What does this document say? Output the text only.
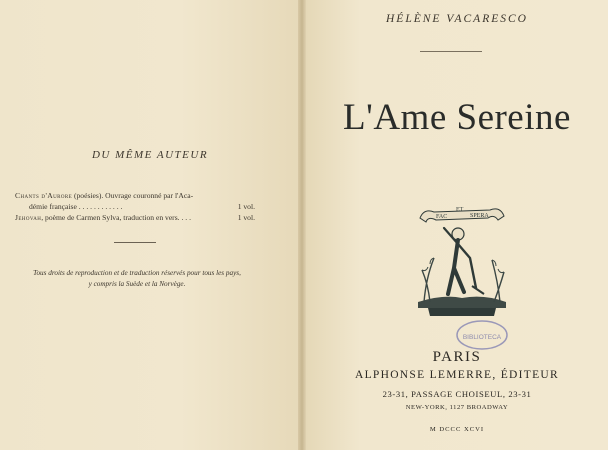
DU MÊME AUTEUR
Chants d'Aurore (poésies). Ouvrage couronné par l'Aca-
démie française . . . . . . . . . . . .	1 vol.
Jehovah, poème de Carmen Sylva, traduction en vers. . . .	1 vol.
Tous droits de reproduction et de traduction réservés pour tous les pays,
y compris la Suède et la Norvège.
HÉLÈNE VACARESCO
L'Ame Sereine
FAC
ET
SPERA
BIBLIOTECA
PARIS
ALPHONSE LEMERRE, ÉDITEUR
23-31, PASSAGE CHOISEUL, 23-31
NEW-YORK, 1127 BROADWAY
M DCCC XCVI
